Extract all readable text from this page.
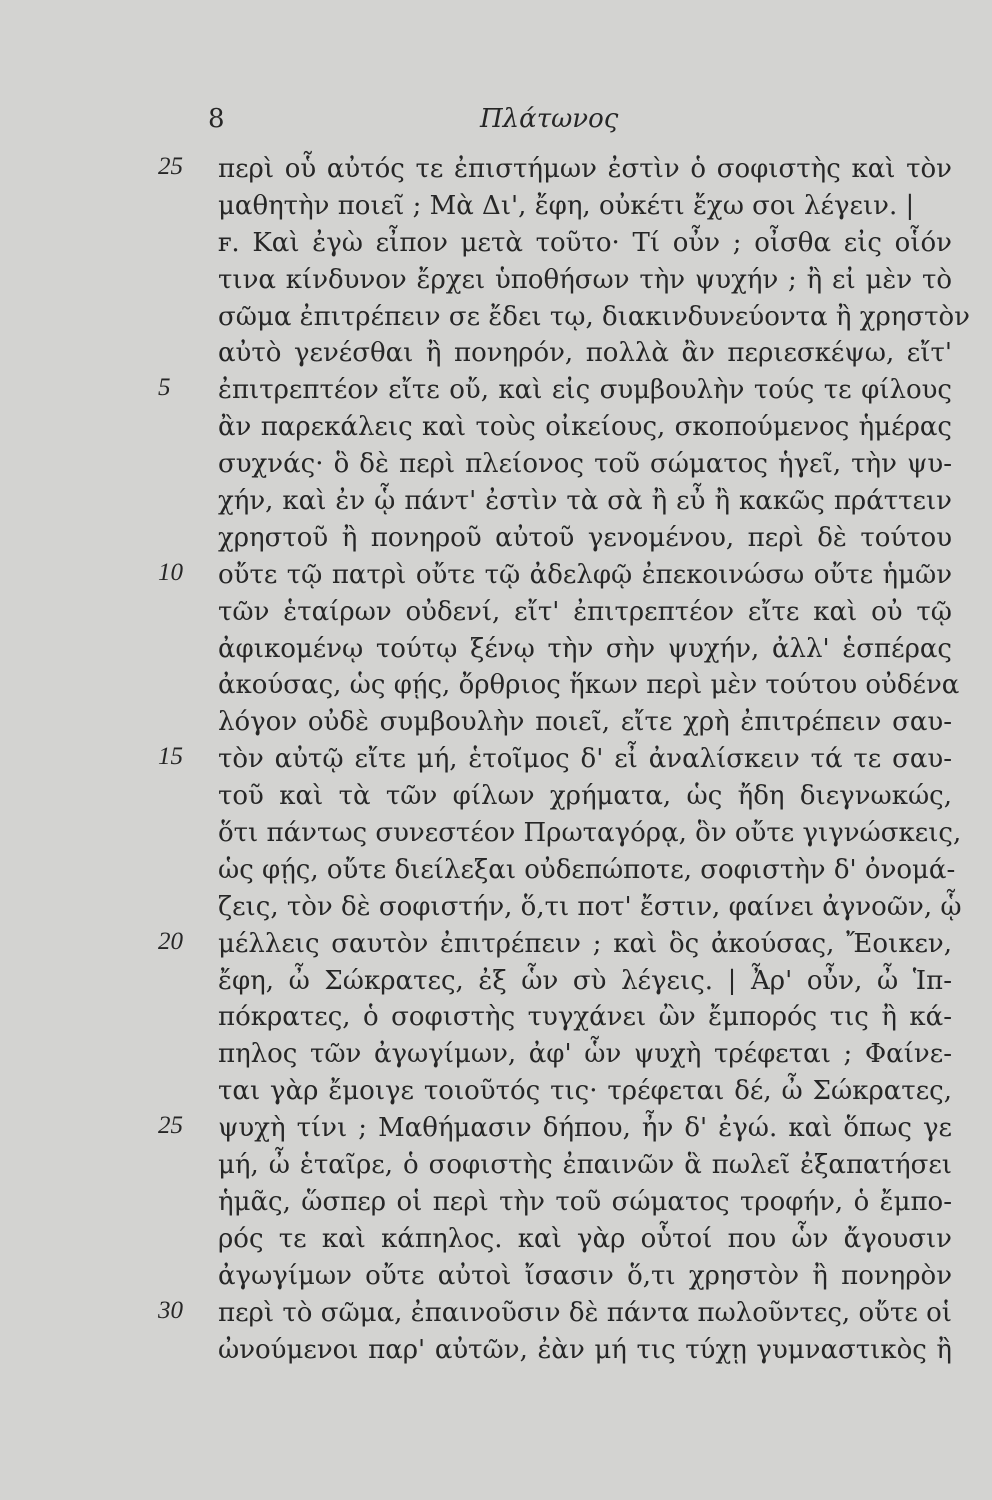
8	Πλάτωνος
25	περὶ οὗ αὐτός τε ἐπιστήμων ἐστὶν ὁ σοφιστὴς καὶ τὸν
μαθητὴν ποιεῖ ; Μὰ Δι', ἔφη, οὐκέτι ἔχω σοι λέγειν. |
ꜰ. Καὶ ἐγὼ εἶπον μετὰ τοῦτο· Τί οὖν ; οἶσθα εἰς οἷόν
τινα κίνδυνον ἔρχει ὑποθήσων τὴν ψυχήν ; ἢ εἰ μὲν τὸ
σῶμα ἐπιτρέπειν σε ἔδει τῳ, διακινδυνεύοντα ἢ χρηστὸν
αὐτὸ γενέσθαι ἢ πονηρόν, πολλὰ ἂν περιεσκέψω, εἴτ'
5	ἐπιτρεπτέον εἴτε οὔ, καὶ εἰς συμβουλὴν τούς τε φίλους
ἂν παρεκάλεις καὶ τοὺς οἰκείους, σκοπούμενος ἡμέρας
συχνάς· ὃ δὲ περὶ πλείονος τοῦ σώματος ἡγεῖ, τὴν ψυ-
χήν, καὶ ἐν ᾧ πάντ' ἐστὶν τὰ σὰ ἢ εὖ ἢ κακῶς πράττειν
χρηστοῦ ἢ πονηροῦ αὐτοῦ γενομένου, περὶ δὲ τούτου
10	οὔτε τῷ πατρὶ οὔτε τῷ ἀδελφῷ ἐπεκοινώσω οὔτε ἡμῶν
τῶν ἑταίρων οὐδενί, εἴτ' ἐπιτρεπτέον εἴτε καὶ οὐ τῷ
ἀφικομένῳ τούτῳ ξένῳ τὴν σὴν ψυχήν, ἀλλ' ἑσπέρας
ἀκούσας, ὡς φῄς, ὄρθριος ἥκων περὶ μὲν τούτου οὐδένα
λόγον οὐδὲ συμβουλὴν ποιεῖ, εἴτε χρὴ ἐπιτρέπειν σαυ-
15	τὸν αὐτῷ εἴτε μή, ἑτοῖμος δ' εἶ ἀναλίσκειν τά τε σαυ-
τοῦ καὶ τὰ τῶν φίλων χρήματα, ὡς ἤδη διεγνωκώς,
ὅτι πάντως συνεστέον Πρωταγόρᾳ, ὃν οὔτε γιγνώσκεις,
ὡς φῄς, οὔτε διείλεξαι οὐδεπώποτε, σοφιστὴν δ' ὀνομά-
ζεις, τὸν δὲ σοφιστήν, ὅ,τι ποτ' ἔστιν, φαίνει ἀγνοῶν, ᾧ
20	μέλλεις σαυτὸν ἐπιτρέπειν ; καὶ ὃς ἀκούσας, Ἔοικεν,
ἔφη, ὦ Σώκρατες, ἐξ ὧν σὺ λέγεις. | Ἆρ' οὖν, ὦ Ἱπ-
πόκρατες, ὁ σοφιστὴς τυγχάνει ὢν ἔμπορός τις ἢ κά-
πηλος τῶν ἀγωγίμων, ἀφ' ὧν ψυχὴ τρέφεται ; Φαίνε-
ται γὰρ ἔμοιγε τοιοῦτός τις· τρέφεται δέ, ὦ Σώκρατες,
25	ψυχὴ τίνι ; Μαθήμασιν δήπου, ἦν δ' ἐγώ. καὶ ὅπως γε
μή, ὦ ἑταῖρε, ὁ σοφιστὴς ἐπαινῶν ἃ πωλεῖ ἐξαπατήσει
ἡμᾶς, ὥσπερ οἱ περὶ τὴν τοῦ σώματος τροφήν, ὁ ἔμπο-
ρός τε καὶ κάπηλος. καὶ γὰρ οὗτοί που ὧν ἄγουσιν
ἀγωγίμων οὔτε αὐτοὶ ἴσασιν ὅ,τι χρηστὸν ἢ πονηρὸν
30	περὶ τὸ σῶμα, ἐπαινοῦσιν δὲ πάντα πωλοῦντες, οὔτε οἱ
ὠνούμενοι παρ' αὐτῶν, ἐὰν μή τις τύχῃ γυμναστικὸς ἢ
